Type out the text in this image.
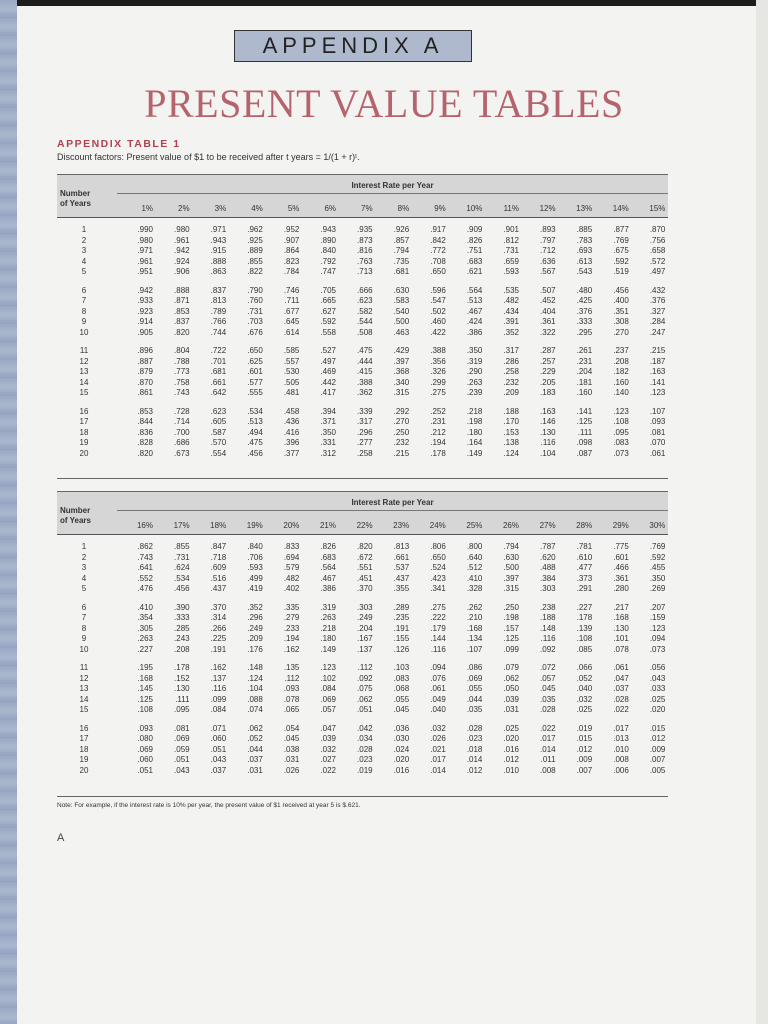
APPENDIX A
PRESENT VALUE TABLES
APPENDIX TABLE 1
Discount factors: Present value of $1 to be received after t years = 1/(1 + r)ᵗ.
Interest Rate per Year
Number
of Years
1%	2%	3%	4%	5%	6%	7%	8%	9%	10%	11%	12%	13%	14%	15%
1	.990	.980	.971	.962	.952	.943	.935	.926	.917	.909	.901	.893	.885	.877	.870
2	.980	.961	.943	.925	.907	.890	.873	.857	.842	.826	.812	.797	.783	.769	.756
3	.971	.942	.915	.889	.864	.840	.816	.794	.772	.751	.731	.712	.693	.675	.658
4	.961	.924	.888	.855	.823	.792	.763	.735	.708	.683	.659	.636	.613	.592	.572
5	.951	.906	.863	.822	.784	.747	.713	.681	.650	.621	.593	.567	.543	.519	.497
6	.942	.888	.837	.790	.746	.705	.666	.630	.596	.564	.535	.507	.480	.456	.432
7	.933	.871	.813	.760	.711	.665	.623	.583	.547	.513	.482	.452	.425	.400	.376
8	.923	.853	.789	.731	.677	.627	.582	.540	.502	.467	.434	.404	.376	.351	.327
9	.914	.837	.766	.703	.645	.592	.544	.500	.460	.424	.391	.361	.333	.308	.284
10	.905	.820	.744	.676	.614	.558	.508	.463	.422	.386	.352	.322	.295	.270	.247
11	.896	.804	.722	.650	.585	.527	.475	.429	.388	.350	.317	.287	.261	.237	.215
12	.887	.788	.701	.625	.557	.497	.444	.397	.356	.319	.286	.257	.231	.208	.187
13	.879	.773	.681	.601	.530	.469	.415	.368	.326	.290	.258	.229	.204	.182	.163
14	.870	.758	.661	.577	.505	.442	.388	.340	.299	.263	.232	.205	.181	.160	.141
15	.861	.743	.642	.555	.481	.417	.362	.315	.275	.239	.209	.183	.160	.140	.123
16	.853	.728	.623	.534	.458	.394	.339	.292	.252	.218	.188	.163	.141	.123	.107
17	.844	.714	.605	.513	.436	.371	.317	.270	.231	.198	.170	.146	.125	.108	.093
18	.836	.700	.587	.494	.416	.350	.296	.250	.212	.180	.153	.130	.111	.095	.081
19	.828	.686	.570	.475	.396	.331	.277	.232	.194	.164	.138	.116	.098	.083	.070
20	.820	.673	.554	.456	.377	.312	.258	.215	.178	.149	.124	.104	.087	.073	.061
Interest Rate per Year
Number
of Years
16%	17%	18%	19%	20%	21%	22%	23%	24%	25%	26%	27%	28%	29%	30%
1	.862	.855	.847	.840	.833	.826	.820	.813	.806	.800	.794	.787	.781	.775	.769
2	.743	.731	.718	.706	.694	.683	.672	.661	.650	.640	.630	.620	.610	.601	.592
3	.641	.624	.609	.593	.579	.564	.551	.537	.524	.512	.500	.488	.477	.466	.455
4	.552	.534	.516	.499	.482	.467	.451	.437	.423	.410	.397	.384	.373	.361	.350
5	.476	.456	.437	.419	.402	.386	.370	.355	.341	.328	.315	.303	.291	.280	.269
6	.410	.390	.370	.352	.335	.319	.303	.289	.275	.262	.250	.238	.227	.217	.207
7	.354	.333	.314	.296	.279	.263	.249	.235	.222	.210	.198	.188	.178	.168	.159
8	.305	.285	.266	.249	.233	.218	.204	.191	.179	.168	.157	.148	.139	.130	.123
9	.263	.243	.225	.209	.194	.180	.167	.155	.144	.134	.125	.116	.108	.101	.094
10	.227	.208	.191	.176	.162	.149	.137	.126	.116	.107	.099	.092	.085	.078	.073
11	.195	.178	.162	.148	.135	.123	.112	.103	.094	.086	.079	.072	.066	.061	.056
12	.168	.152	.137	.124	.112	.102	.092	.083	.076	.069	.062	.057	.052	.047	.043
13	.145	.130	.116	.104	.093	.084	.075	.068	.061	.055	.050	.045	.040	.037	.033
14	.125	.111	.099	.088	.078	.069	.062	.055	.049	.044	.039	.035	.032	.028	.025
15	.108	.095	.084	.074	.065	.057	.051	.045	.040	.035	.031	.028	.025	.022	.020
16	.093	.081	.071	.062	.054	.047	.042	.036	.032	.028	.025	.022	.019	.017	.015
17	.080	.069	.060	.052	.045	.039	.034	.030	.026	.023	.020	.017	.015	.013	.012
18	.069	.059	.051	.044	.038	.032	.028	.024	.021	.018	.016	.014	.012	.010	.009
19	.060	.051	.043	.037	.031	.027	.023	.020	.017	.014	.012	.011	.009	.008	.007
20	.051	.043	.037	.031	.026	.022	.019	.016	.014	.012	.010	.008	.007	.006	.005
Note: For example, if the interest rate is 10% per year, the present value of $1 received at year 5 is $.621.
A
